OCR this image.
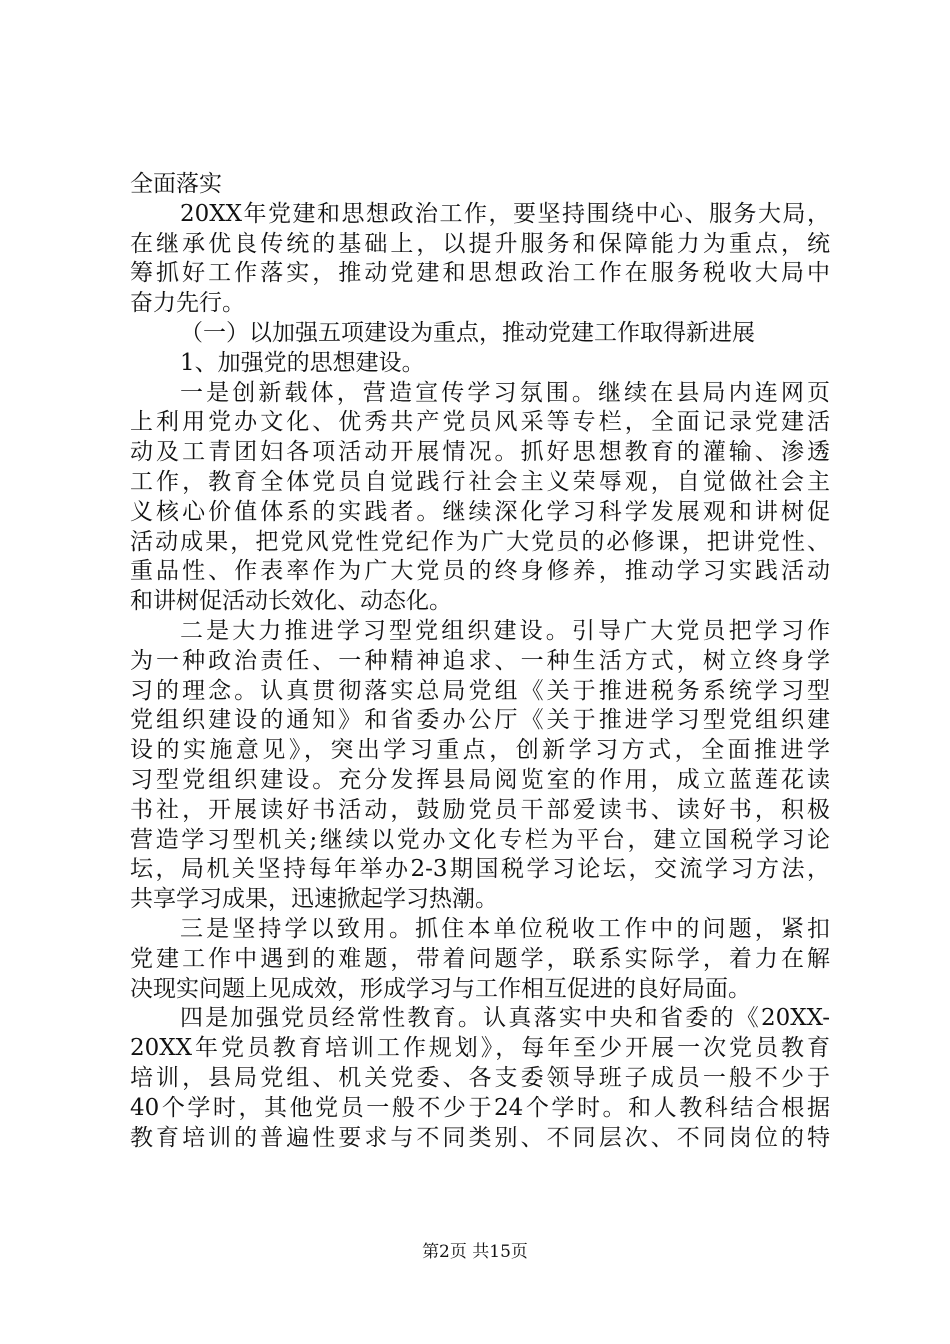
全面落实
20XX年党建和思想政治工作，要坚持围绕中心、服务大局，
在继承优良传统的基础上，以提升服务和保障能力为重点，统
筹抓好工作落实，推动党建和思想政治工作在服务税收大局中
奋力先行。
（一）以加强五项建设为重点，推动党建工作取得新进展
1、加强党的思想建设。
一是创新载体，营造宣传学习氛围。继续在县局内连网页
上利用党办文化、优秀共产党员风采等专栏，全面记录党建活
动及工青团妇各项活动开展情况。抓好思想教育的灌输、渗透
工作，教育全体党员自觉践行社会主义荣辱观，自觉做社会主
义核心价值体系的实践者。继续深化学习科学发展观和讲树促
活动成果，把党风党性党纪作为广大党员的必修课，把讲党性、
重品性、作表率作为广大党员的终身修养，推动学习实践活动
和讲树促活动长效化、动态化。
二是大力推进学习型党组织建设。引导广大党员把学习作
为一种政治责任、一种精神追求、一种生活方式，树立终身学
习的理念。认真贯彻落实总局党组《关于推进税务系统学习型
党组织建设的通知》和省委办公厅《关于推进学习型党组织建
设的实施意见》，突出学习重点，创新学习方式，全面推进学
习型党组织建设。充分发挥县局阅览室的作用，成立蓝莲花读
书社，开展读好书活动，鼓励党员干部爱读书、读好书，积极
营造学习型机关;继续以党办文化专栏为平台，建立国税学习论
坛，局机关坚持每年举办2-3期国税学习论坛，交流学习方法，
共享学习成果，迅速掀起学习热潮。
三是坚持学以致用。抓住本单位税收工作中的问题，紧扣
党建工作中遇到的难题，带着问题学，联系实际学，着力在解
决现实问题上见成效，形成学习与工作相互促进的良好局面。
四是加强党员经常性教育。认真落实中央和省委的《20XX-
20XX年党员教育培训工作规划》，每年至少开展一次党员教育
培训，县局党组、机关党委、各支委领导班子成员一般不少于
40个学时，其他党员一般不少于24个学时。和人教科结合根据
教育培训的普遍性要求与不同类别、不同层次、不同岗位的特
第2页 共15页
